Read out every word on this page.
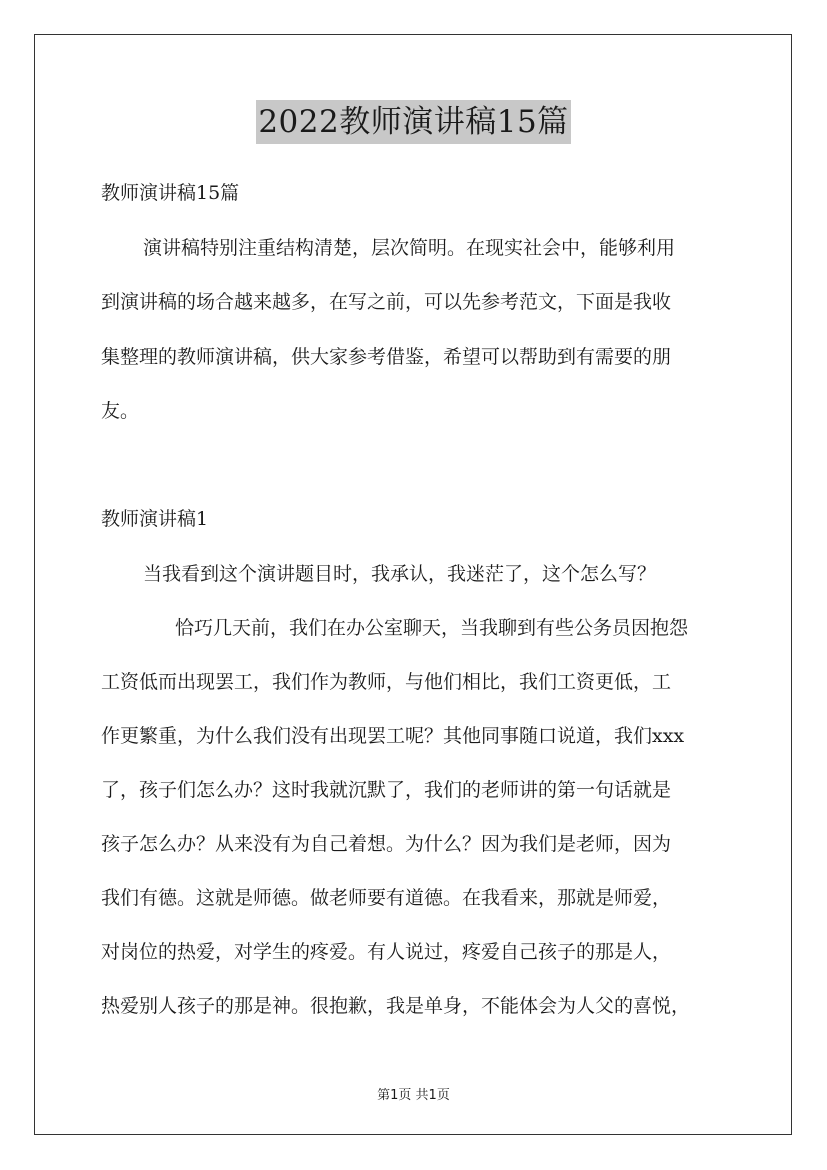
2022教师演讲稿15篇
教师演讲稿15篇
演讲稿特别注重结构清楚，层次简明。在现实社会中，能够利用
到演讲稿的场合越来越多，在写之前，可以先参考范文，下面是我收
集整理的教师演讲稿，供大家参考借鉴，希望可以帮助到有需要的朋
友。
教师演讲稿1
当我看到这个演讲题目时，我承认，我迷茫了，这个怎么写？
恰巧几天前，我们在办公室聊天，当我聊到有些公务员因抱怨
工资低而出现罢工，我们作为教师，与他们相比，我们工资更低，工
作更繁重，为什么我们没有出现罢工呢？其他同事随口说道，我们xxx
了，孩子们怎么办？这时我就沉默了，我们的老师讲的第一句话就是
孩子怎么办？从来没有为自己着想。为什么？因为我们是老师，因为
我们有德。这就是师德。做老师要有道德。在我看来，那就是师爱，
对岗位的热爱，对学生的疼爱。有人说过，疼爱自己孩子的那是人，
热爱别人孩子的那是神。很抱歉，我是单身，不能体会为人父的喜悦，
第1页 共1页
